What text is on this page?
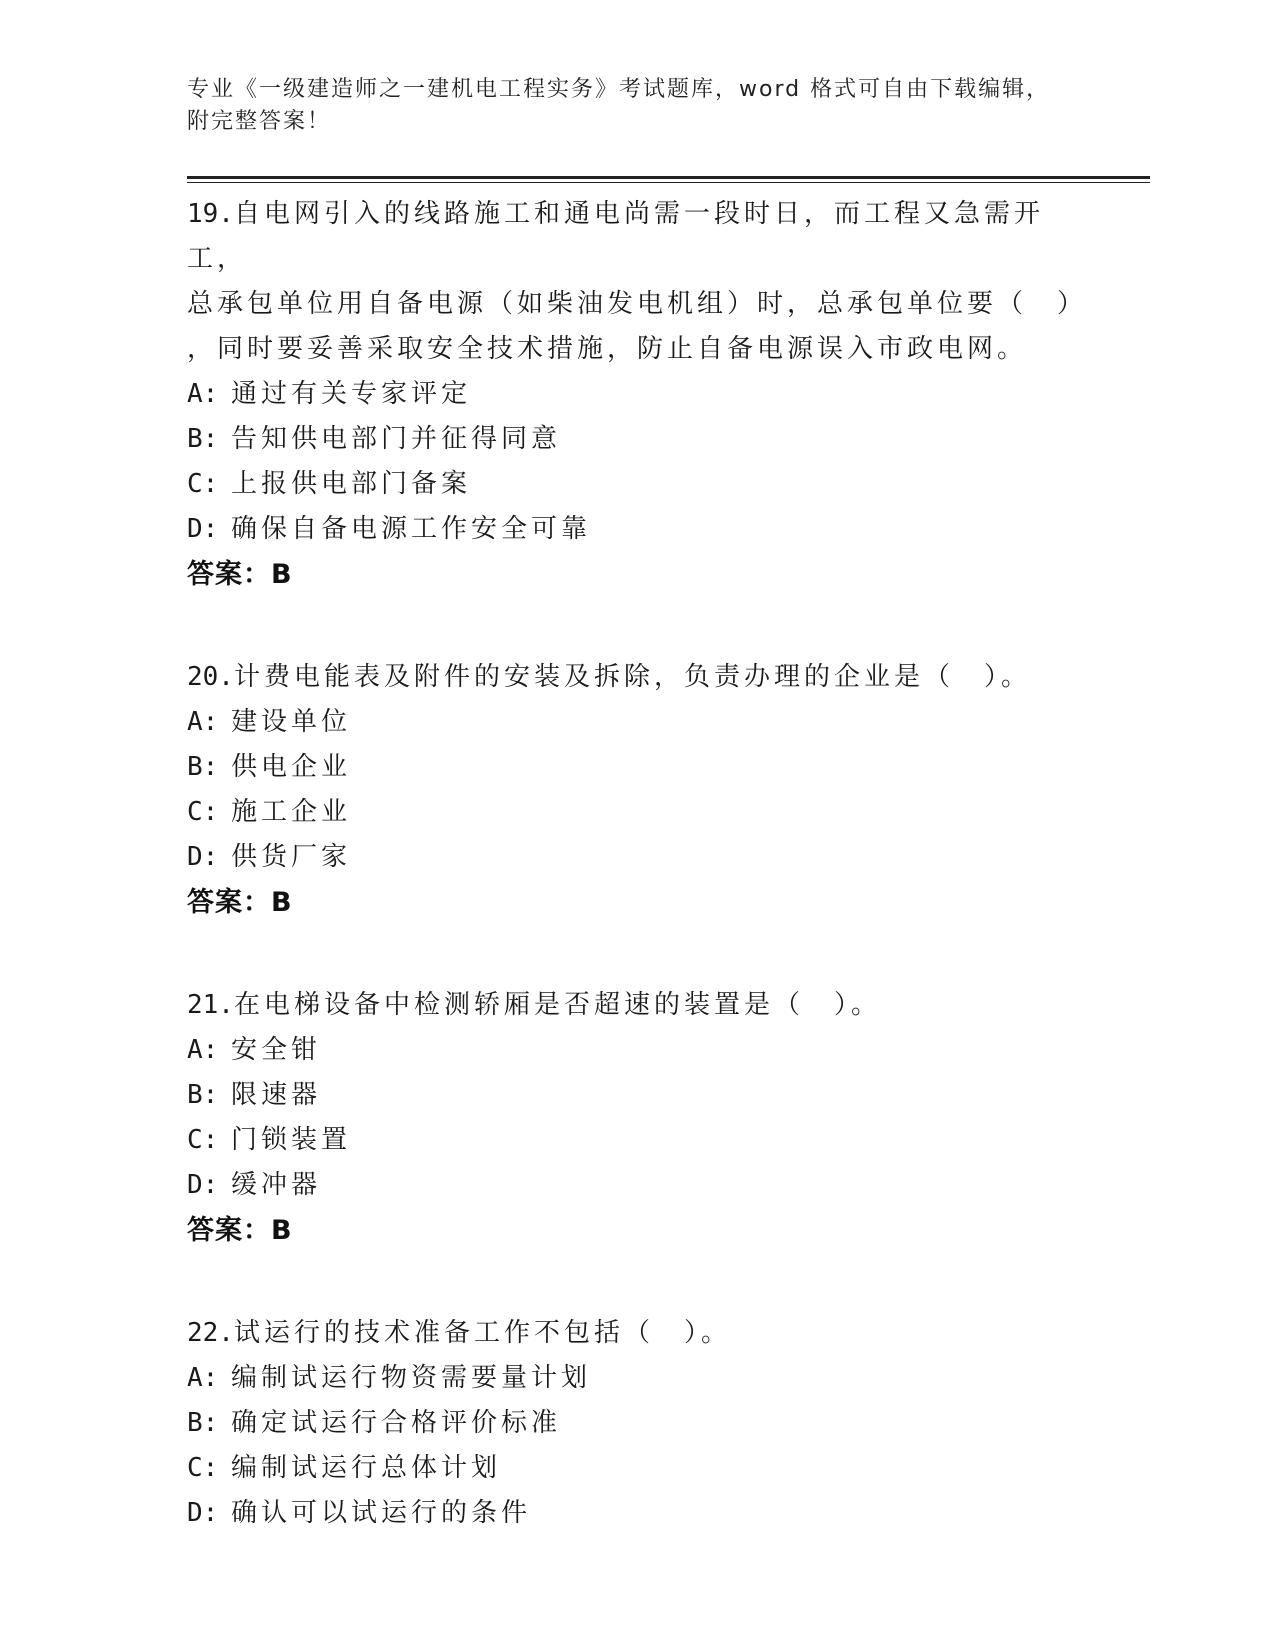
专业《一级建造师之一建机电工程实务》考试题库，word 格式可自由下载编辑，
附完整答案！
19.自电网引入的线路施工和通电尚需一段时日，而工程又急需开工，
总承包单位用自备电源（如柴油发电机组）时，总承包单位要（　）
，同时要妥善采取安全技术措施，防止自备电源误入市政电网。
A: 通过有关专家评定
B: 告知供电部门并征得同意
C: 上报供电部门备案
D: 确保自备电源工作安全可靠
答案：B
20.计费电能表及附件的安装及拆除，负责办理的企业是（　）。
A: 建设单位
B: 供电企业
C: 施工企业
D: 供货厂家
答案：B
21.在电梯设备中检测轿厢是否超速的装置是（　）。
A: 安全钳
B: 限速器
C: 门锁装置
D: 缓冲器
答案：B
22.试运行的技术准备工作不包括（　）。
A: 编制试运行物资需要量计划
B: 确定试运行合格评价标准
C: 编制试运行总体计划
D: 确认可以试运行的条件
